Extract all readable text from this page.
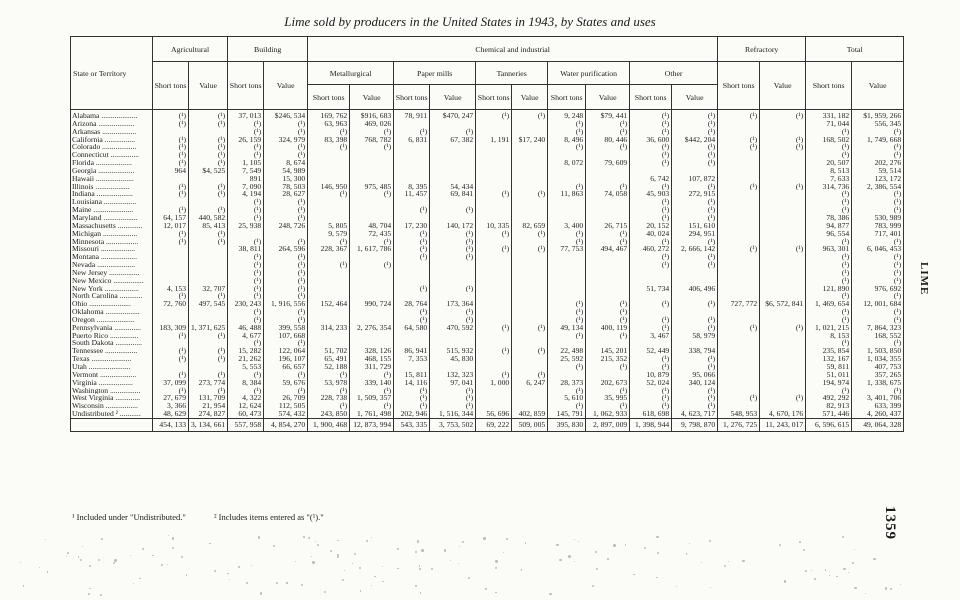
Lime sold by producers in the United States in 1943, by States and uses
LIME
1359
State or Territory	Agricultural		Building		Chemical and industrial										Refractory		Total	
	Short tons	Value	Short tons	Value	Metallurgical		Paper mills		Tanneries		Water purification		Other		Short tons	Value	Short tons	Value
					Short tons	Value	Short tons	Value	Short tons	Value	Short tons	Value	Short tons	Value				
Alabama ...................	(¹)	(¹)	37, 013	$246, 534	169, 762	$916, 683	78, 911	$470, 247	(¹)	(¹)	9, 248	$79, 441	(¹)	(¹)	(¹)	(¹)	331, 182	$1, 959, 266
Arizona ...................	(¹)	(¹)	(¹)	(¹)	63, 963	469, 026					(¹)	(¹)	(¹)	(¹)			71, 044	556, 345
Arkansas ..................			(¹)	(¹)	(¹)	(¹)	(¹)	(¹)			(¹)	(¹)	(¹)	(¹)			(¹)	(¹)
California ................	(¹)	(¹)	26, 159	324, 979	83, 398	768, 782	6, 831	67, 382	1, 191	$17, 240	8, 496	80, 446	36, 600	$442, 204	(¹)	(¹)	168, 502	1, 749, 668
Colorado ..................	(¹)	(¹)	(¹)	(¹)	(¹)	(¹)					(¹)	(¹)	(¹)	(¹)	(¹)	(¹)	(¹)	(¹)
Connecticut ...............	(¹)	(¹)	(¹)	(¹)									(¹)	(¹)			(¹)	(¹)
Florida ...................	(¹)	(¹)	1, 105	8, 674							8, 072	79, 609	(¹)	(¹)			20, 507	202, 276
Georgia ...................	964	$4, 525	7, 549	54, 989													8, 513	59, 514
Hawaii ....................			891	15, 300									6, 742	107, 872			7, 633	123, 172
Illinois ..................	(¹)	(¹)	7, 090	78, 503	146, 950	975, 485	8, 395	54, 434			(¹)	(¹)	(¹)	(¹)	(¹)	(¹)	314, 736	2, 386, 554
Indiana ...................	(¹)	(¹)	4, 194	28, 627	(¹)	(¹)	11, 457	69, 841	(¹)	(¹)	11, 863	74, 058	45, 903	272, 915			(¹)	(¹)
Louisiana .................			(¹)	(¹)									(¹)	(¹)			(¹)	(¹)
Maine .....................	(¹)	(¹)	(¹)	(¹)			(¹)	(¹)					(¹)	(¹)			(¹)	(¹)
Maryland ..................	64, 157	440, 582	(¹)	(¹)									(¹)	(¹)			78, 386	530, 989
Massachusetts .............	12, 017	85, 413	25, 938	248, 726	5, 805	48, 704	17, 230	140, 172	10, 335	82, 659	3, 400	26, 715	20, 152	151, 610			94, 877	783, 999
Michigan ..................	(¹)	(¹)			9, 579	72, 435	(¹)	(¹)	(¹)	(¹)	(¹)	(¹)	40, 024	294, 951			96, 554	717, 401
Minnesota .................	(¹)	(¹)	(¹)	(¹)	(¹)	(¹)	(¹)	(¹)			(¹)	(¹)	(¹)	(¹)			(¹)	(¹)
Missouri ..................			38, 811	264, 596	228, 367	1, 617, 786	(¹)	(¹)	(¹)	(¹)	77, 753	494, 467	460, 272	2, 666, 142	(¹)	(¹)	963, 301	6, 046, 453
Montana ...................			(¹)	(¹)			(¹)	(¹)					(¹)	(¹)			(¹)	(¹)
Nevada ....................			(¹)	(¹)	(¹)	(¹)							(¹)	(¹)			(¹)	(¹)
New Jersey ................			(¹)	(¹)													(¹)	(¹)
New Mexico ................			(¹)	(¹)													(¹)	(¹)
New York ..................	4, 153	32, 707	(¹)	(¹)			(¹)	(¹)					51, 734	406, 496			121, 890	976, 692
North Carolina ............	(¹)	(¹)	(¹)	(¹)													(¹)	(¹)
Ohio ......................	72, 760	497, 545	230, 243	1, 916, 556	152, 464	990, 724	28, 764	173, 364			(¹)	(¹)	(¹)	(¹)	727, 772	$6, 572, 841	1, 469, 654	12, 001, 684
Oklahoma ..................			(¹)	(¹)			(¹)	(¹)			(¹)	(¹)					(¹)	(¹)
Oregon ....................			(¹)	(¹)			(¹)	(¹)			(¹)	(¹)	(¹)	(¹)			(¹)	(¹)
Pennsylvania ..............	183, 309	1, 371, 625	46, 488	399, 558	314, 233	2, 276, 354	64, 580	470, 592	(¹)	(¹)	49, 134	400, 119	(¹)	(¹)	(¹)	(¹)	1, 021, 215	7, 864, 323
Puerto Rico ...............	(¹)	(¹)	4, 677	107, 668							(¹)	(¹)	3, 467	58, 979			8, 153	168, 552
South Dakota ..............			(¹)	(¹)													(¹)	(¹)
Tennessee .................	(¹)	(¹)	15, 282	122, 064	51, 702	328, 126	86, 941	515, 932	(¹)	(¹)	22, 498	145, 201	52, 449	338, 794			235, 854	1, 503, 850
Texas .....................	(¹)	(¹)	21, 262	196, 107	65, 491	468, 155	7, 353	45, 830			25, 592	215, 352	(¹)	(¹)			132, 167	1, 034, 355
Utah ......................			5, 553	66, 657	52, 188	311, 729					(¹)	(¹)	(¹)	(¹)			59, 811	407, 753
Vermont ...................	(¹)	(¹)	(¹)	(¹)	(¹)	(¹)	15, 811	132, 323	(¹)	(¹)			10, 879	95, 066			51, 011	357, 265
Virginia ..................	37, 099	273, 774	8, 384	59, 676	53, 978	339, 140	14, 116	97, 041	1, 000	6, 247	28, 373	202, 673	52, 024	340, 124			194, 974	1, 338, 675
Washington ................	(¹)	(¹)	(¹)	(¹)	(¹)	(¹)	(¹)	(¹)			(¹)	(¹)	(¹)	(¹)			(¹)	(¹)
West Virginia .............	27, 679	131, 709	4, 322	26, 709	228, 738	1, 509, 357	(¹)	(¹)			5, 610	35, 995	(¹)	(¹)	(¹)	(¹)	492, 292	3, 401, 706
Wisconsin .................	3, 366	21, 954	12, 624	112, 505	(¹)	(¹)	(¹)	(¹)			(¹)	(¹)	(¹)	(¹)			82, 913	633, 399
Undistributed ² ...........	48, 629	274, 827	60, 473	574, 432	243, 850	1, 761, 498	202, 946	1, 516, 344	56, 696	402, 859	145, 791	1, 062, 933	618, 698	4, 623, 717	548, 953	4, 670, 176	571, 446	4, 260, 437
	454, 133	3, 134, 661	557, 958	4, 854, 270	1, 900, 468	12, 873, 994	543, 335	3, 753, 502	69, 222	509, 005	395, 830	2, 897, 009	1, 398, 944	9, 798, 870	1, 276, 725	11, 243, 017	6, 596, 615	49, 064, 328
¹ Included under "Undistributed."	² Includes items entered as "(¹)."
